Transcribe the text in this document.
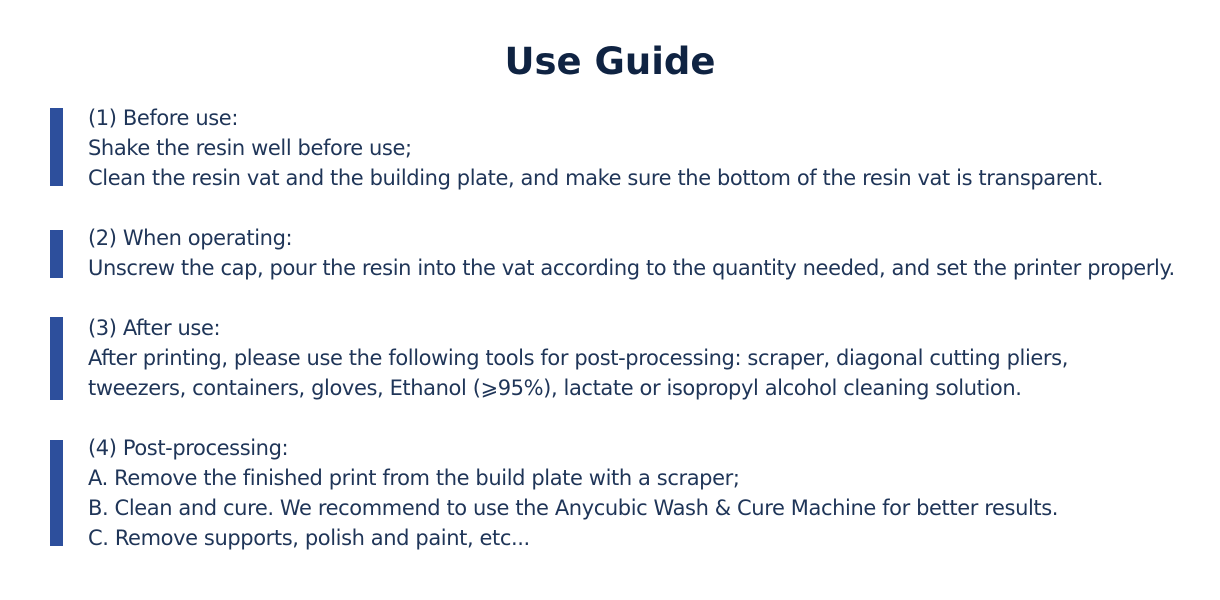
Use Guide
(1) Before use:
Shake the resin well before use;
Clean the resin vat and the building plate, and make sure the bottom of the resin vat is transparent.
(2) When operating:
Unscrew the cap, pour the resin into the vat according to the quantity needed, and set the printer properly.
(3) After use:
After printing, please use the following tools for post-processing: scraper, diagonal cutting pliers,
tweezers, containers, gloves, Ethanol (⩾95%), lactate or isopropyl alcohol cleaning solution.
(4) Post-processing:
A. Remove the finished print from the build plate with a scraper;
B. Clean and cure. We recommend to use the Anycubic Wash & Cure Machine for better results.
C. Remove supports, polish and paint, etc...
